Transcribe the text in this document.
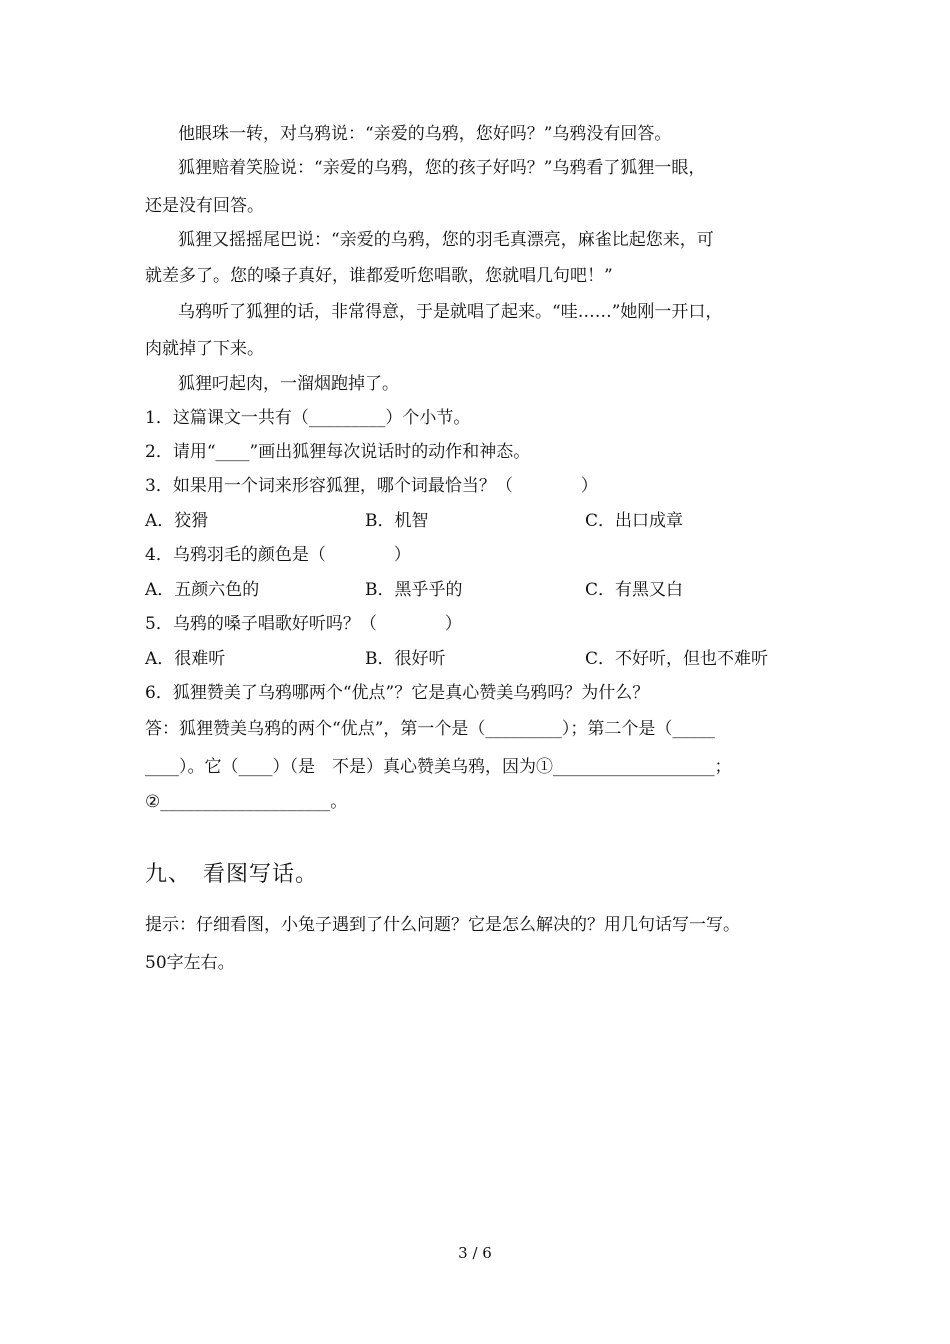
他眼珠一转，对乌鸦说：“亲爱的乌鸦，您好吗？”乌鸦没有回答。
狐狸赔着笑脸说：“亲爱的乌鸦，您的孩子好吗？”乌鸦看了狐狸一眼，
还是没有回答。
狐狸又摇摇尾巴说：“亲爱的乌鸦，您的羽毛真漂亮，麻雀比起您来，可
就差多了。您的嗓子真好，谁都爱听您唱歌，您就唱几句吧！”
乌鸦听了狐狸的话，非常得意，于是就唱了起来。“哇……”她刚一开口，
肉就掉了下来。
狐狸叼起肉，一溜烟跑掉了。
1．这篇课文一共有（_________）个小节。
2．请用“____”画出狐狸每次说话时的动作和神态。
3．如果用一个词来形容狐狸，哪个词最恰当？（　　　　）
A．狡猾	B．机智	C．出口成章
4．乌鸦羽毛的颜色是（　　　　）
A．五颜六色的	B．黑乎乎的	C．有黑又白
5．乌鸦的嗓子唱歌好听吗？（　　　　）
A．很难听	B．很好听	C．不好听，但也不难听
6．狐狸赞美了乌鸦哪两个“优点”？它是真心赞美乌鸦吗？为什么？
答：狐狸赞美乌鸦的两个“优点”，第一个是（_________）；第二个是（_____
____）。它（____）（是　不是）真心赞美乌鸦，因为①___________________；
②____________________。
九、　看图写话。
提示：仔细看图，小兔子遇到了什么问题？它是怎么解决的？用几句话写一写。
50字左右。
3 / 6
